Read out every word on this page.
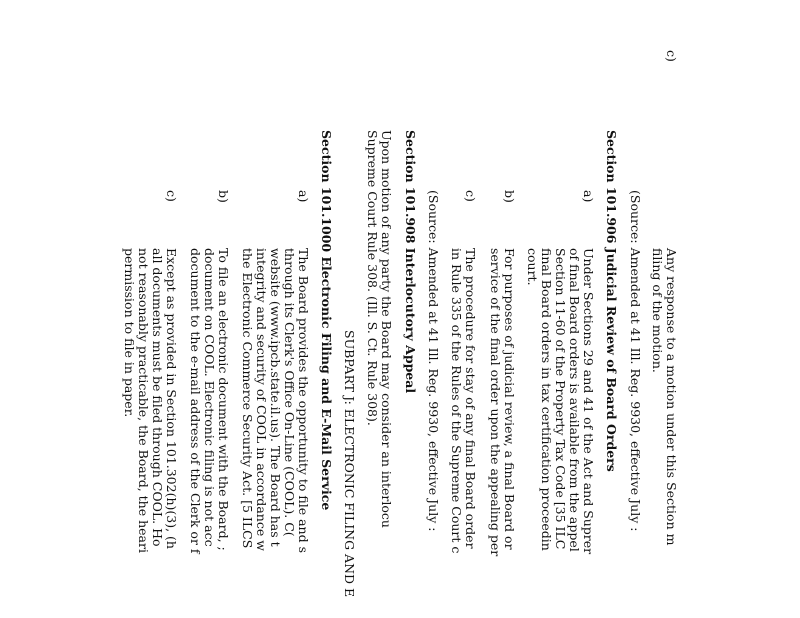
c)
Any response to a motion under this Section m
filing of the motion.
(Source: Amended at 41 Ill. Reg. 9930, effective July :
Section 101.906 Judicial Review of Board Orders
a)
Under Sections 29 and 41 of the Act and Suprer
of final Board orders is available from the appel
Section 11-60 of the Property Tax Code [35 ILC
final Board orders in tax certification proceedin
court.
b)
For purposes of judicial review, a final Board or
service of the final order upon the appealing per
c)
The procedure for stay of any final Board order
in Rule 335 of the Rules of the Supreme Court c
(Source: Amended at 41 Ill. Reg. 9930, effective July :
Section 101.908 Interlocutory Appeal
Upon motion of any party the Board may consider an interlocu
Supreme Court Rule 308. (Ill. S. Ct. Rule 308).
SUBPART J: ELECTRONIC FILING AND E
Section 101.1000 Electronic Filing and E-Mail Service
a)
The Board provides the opportunity to file and s
through its Clerk's Office On-Line (COOL). C(
website (www.ipcb.state.il.us). The Board has t
integrity and security of COOL in accordance w
the Electronic Commerce Security Act. [5 ILCS
b)
To file an electronic document with the Board, ;
document on COOL. Electronic filing is not acc
document to the e-mail address of the Clerk or f
c)
Except as provided in Section 101.302(h)(3), (h
all documents must be filed through COOL. Ho
not reasonably practicable, the Board, the heari
permission to file in paper.
